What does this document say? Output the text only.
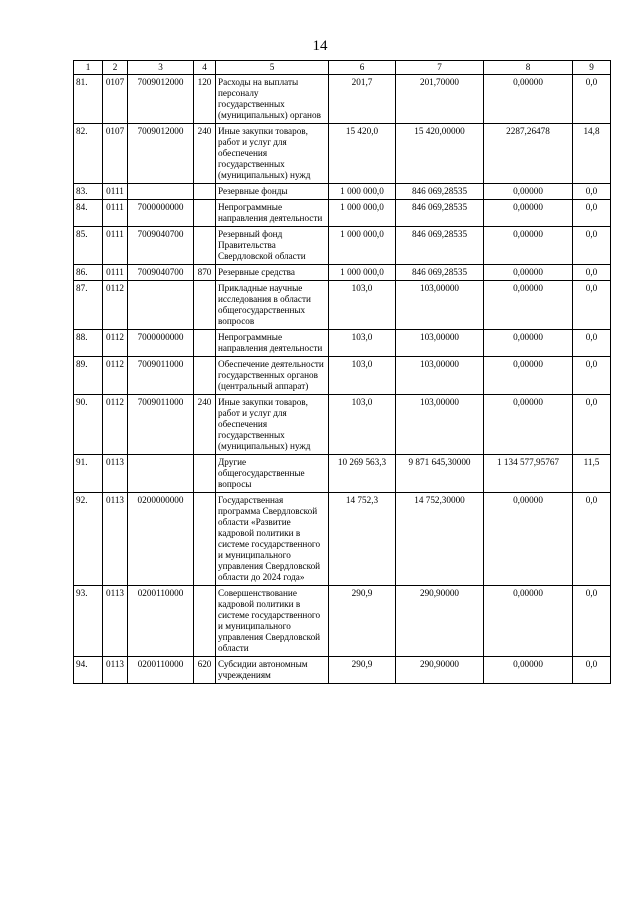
14
1	2	3	4	5	6	7	8	9
81.	0107	7009012000	120	Расходы на выплаты персоналу государственных (муниципальных) органов	201,7	201,70000	0,00000	0,0
82.	0107	7009012000	240	Иные закупки товаров, работ и услуг для обеспечения государственных (муниципальных) нужд	15 420,0	15 420,00000	2287,26478	14,8
83.	0111			Резервные фонды	1 000 000,0	846 069,28535	0,00000	0,0
84.	0111	7000000000		Непрограммные направления деятельности	1 000 000,0	846 069,28535	0,00000	0,0
85.	0111	7009040700		Резервный фонд Правительства Свердловской области	1 000 000,0	846 069,28535	0,00000	0,0
86.	0111	7009040700	870	Резервные средства	1 000 000,0	846 069,28535	0,00000	0,0
87.	0112			Прикладные научные исследования в области общегосударственных вопросов	103,0	103,00000	0,00000	0,0
88.	0112	7000000000		Непрограммные направления деятельности	103,0	103,00000	0,00000	0,0
89.	0112	7009011000		Обеспечение деятельности государственных органов (центральный аппарат)	103,0	103,00000	0,00000	0,0
90.	0112	7009011000	240	Иные закупки товаров, работ и услуг для обеспечения государственных (муниципальных) нужд	103,0	103,00000	0,00000	0,0
91.	0113			Другие общегосударственные вопросы	10 269 563,3	9 871 645,30000	1 134 577,95767	11,5
92.	0113	0200000000		Государственная программа Свердловской области «Развитие кадровой политики в системе государственного и муниципального управления Свердловской области до 2024 года»	14 752,3	14 752,30000	0,00000	0,0
93.	0113	0200110000		Совершенствование кадровой политики в системе государственного и муниципального управления Свердловской области	290,9	290,90000	0,00000	0,0
94.	0113	0200110000	620	Субсидии автономным учреждениям	290,9	290,90000	0,00000	0,0
